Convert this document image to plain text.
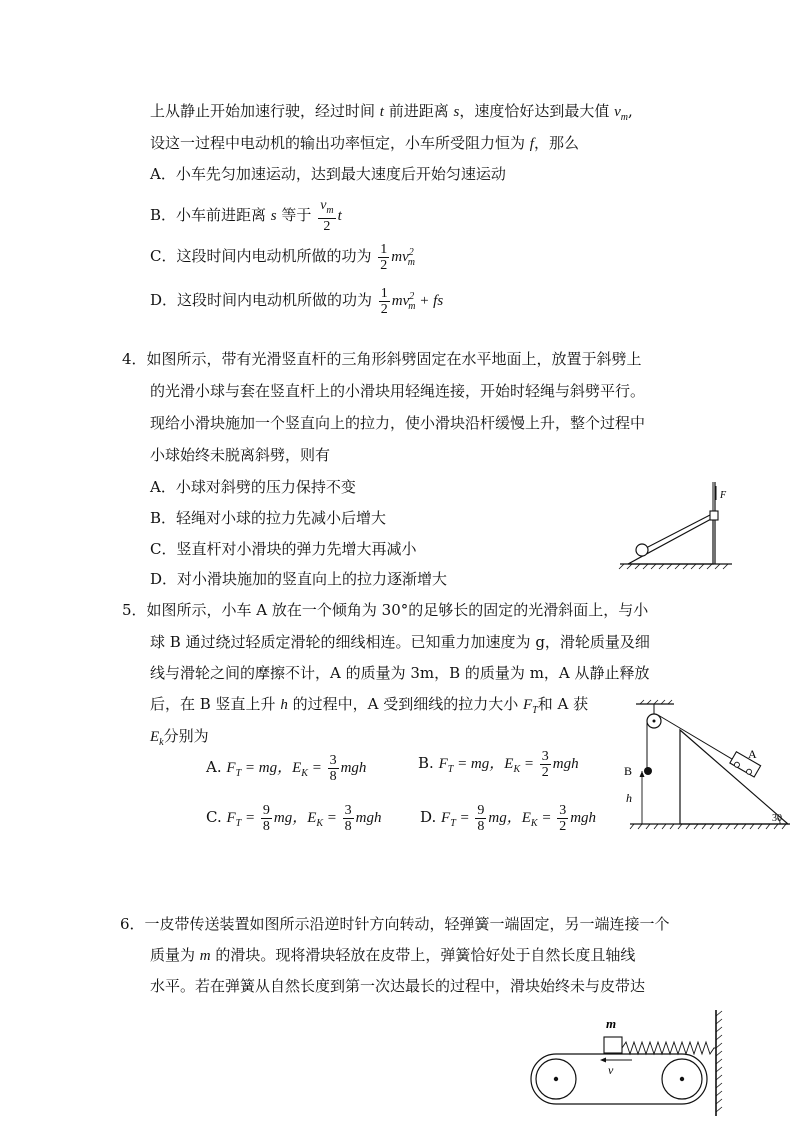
上从静止开始加速行驶，经过时间 t 前进距离 s，速度恰好达到最大值 $v_m$,
设这一过程中电动机的输出功率恒定，小车所受阻力恒为 f，那么
A．小车先匀加速运动，达到最大速度后开始匀速运动
B．小车前进距离 s 等于 $\frac{v_m}{2}$ t
C．这段时间内电动机所做的功为 $\frac{1}{2} mv^2_m$
D．这段时间内电动机所做的功为 $\frac{1}{2} mv^2_m$ + fs
4．如图所示，带有光滑竖直杆的三角形斜劈固定在水平地面上，放置于斜劈上
的光滑小球与套在竖直杆上的小滑块用轻绳连接，开始时轻绳与斜劈平行。
现给小滑块施加一个竖直向上的拉力，使小滑块沿杆缓慢上升，整个过程中
小球始终未脱离斜劈，则有
A．小球对斜劈的压力保持不变
B．轻绳对小球的拉力先减小后增大
C．竖直杆对小滑块的弹力先增大再减小
D．对小滑块施加的竖直向上的拉力逐渐增大
F
5．如图所示，小车 A 放在一个倾角为 30°的足够长的固定的光滑斜面上，与小
球 B 通过绕过轻质定滑轮的细线相连。已知重力加速度为 g，滑轮质量及细
线与滑轮之间的摩擦不计，A 的质量为 3m，B 的质量为 m，A 从静止释放
后，在 B 竖直上升 h 的过程中，A 受到细线的拉力大小 $F_T$和 A 获
$E_k$分别为
A. $F_T$ = mg，$E_K = \frac{3}{8}$ mgh	B. $F_T$ = mg，$E_K = \frac{3}{2}$ mgh
C. $F_T = \frac{9}{8}$ mg，$E_K = \frac{3}{8}$ mgh	D. $F_T = \frac{9}{8}$ mg，$E_K = \frac{3}{2}$ mgh
B
h
A
30
6．一皮带传送装置如图所示沿逆时针方向转动，轻弹簧一端固定，另一端连接一个
质量为 m 的滑块。现将滑块轻放在皮带上，弹簧恰好处于自然长度且轴线
水平。若在弹簧从自然长度到第一次达最长的过程中，滑块始终未与皮带达
m
v
